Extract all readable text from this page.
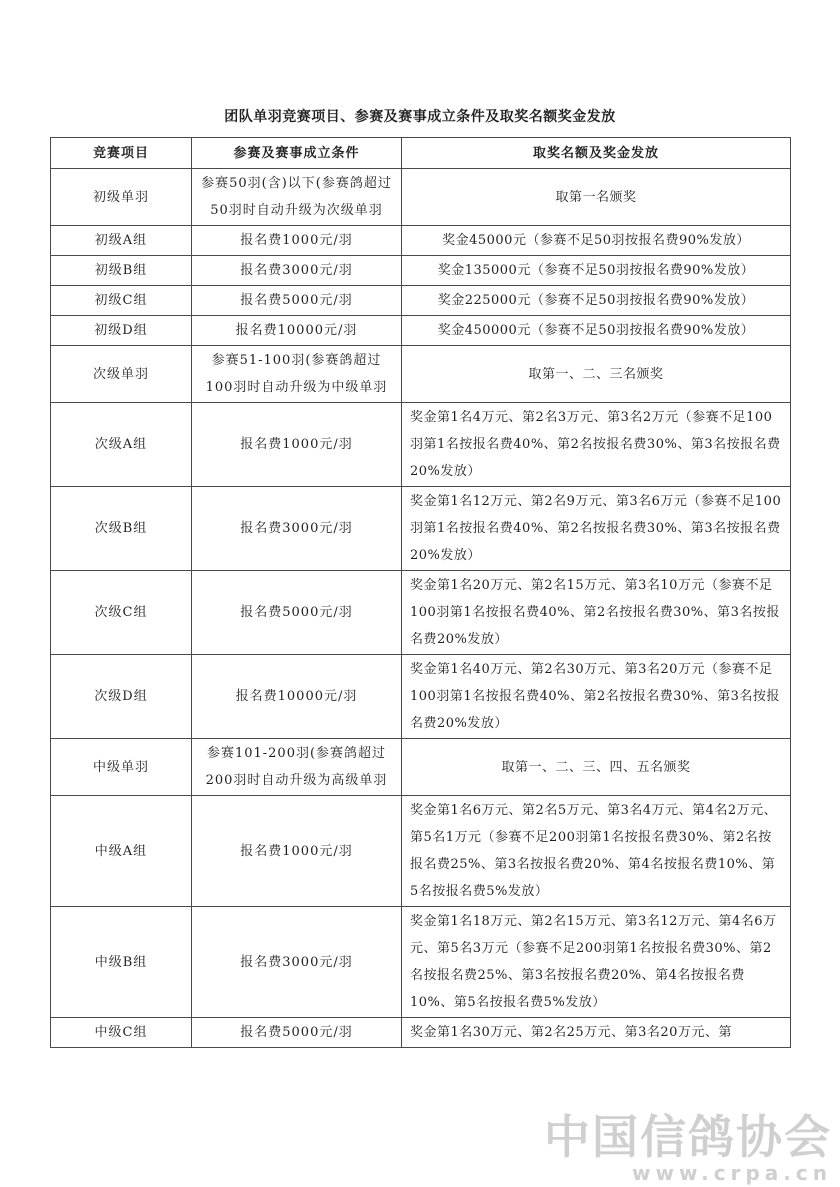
团队单羽竞赛项目、参赛及赛事成立条件及取奖名额奖金发放
竞赛项目	参赛及赛事成立条件	取奖名额及奖金发放
初级单羽	参赛50羽(含)以下(参赛鸽超过50羽时自动升级为次级单羽	取第一名颁奖
初级A组	报名费1000元/羽	奖金45000元（参赛不足50羽按报名费90%发放）
初级B组	报名费3000元/羽	奖金135000元（参赛不足50羽按报名费90%发放）
初级C组	报名费5000元/羽	奖金225000元（参赛不足50羽按报名费90%发放）
初级D组	报名费10000元/羽	奖金450000元（参赛不足50羽按报名费90%发放）
次级单羽	参赛51-100羽(参赛鸽超过100羽时自动升级为中级单羽	取第一、二、三名颁奖
次级A组	报名费1000元/羽	奖金第1名4万元、第2名3万元、第3名2万元（参赛不足100羽第1名按报名费40%、第2名按报名费30%、第3名按报名费20%发放）
次级B组	报名费3000元/羽	奖金第1名12万元、第2名9万元、第3名6万元（参赛不足100羽第1名按报名费40%、第2名按报名费30%、第3名按报名费20%发放）
次级C组	报名费5000元/羽	奖金第1名20万元、第2名15万元、第3名10万元（参赛不足100羽第1名按报名费40%、第2名按报名费30%、第3名按报名费20%发放）
次级D组	报名费10000元/羽	奖金第1名40万元、第2名30万元、第3名20万元（参赛不足100羽第1名按报名费40%、第2名按报名费30%、第3名按报名费20%发放）
中级单羽	参赛101-200羽(参赛鸽超过200羽时自动升级为高级单羽	取第一、二、三、四、五名颁奖
中级A组	报名费1000元/羽	奖金第1名6万元、第2名5万元、第3名4万元、第4名2万元、第5名1万元（参赛不足200羽第1名按报名费30%、第2名按报名费25%、第3名按报名费20%、第4名按报名费10%、第5名按报名费5%发放）
中级B组	报名费3000元/羽	奖金第1名18万元、第2名15万元、第3名12万元、第4名6万元、第5名3万元（参赛不足200羽第1名按报名费30%、第2名按报名费25%、第3名按报名费20%、第4名按报名费10%、第5名按报名费5%发放）
中级C组	报名费5000元/羽	奖金第1名30万元、第2名25万元、第3名20万元、第
中国信鸽协会
www.crpa.cn
